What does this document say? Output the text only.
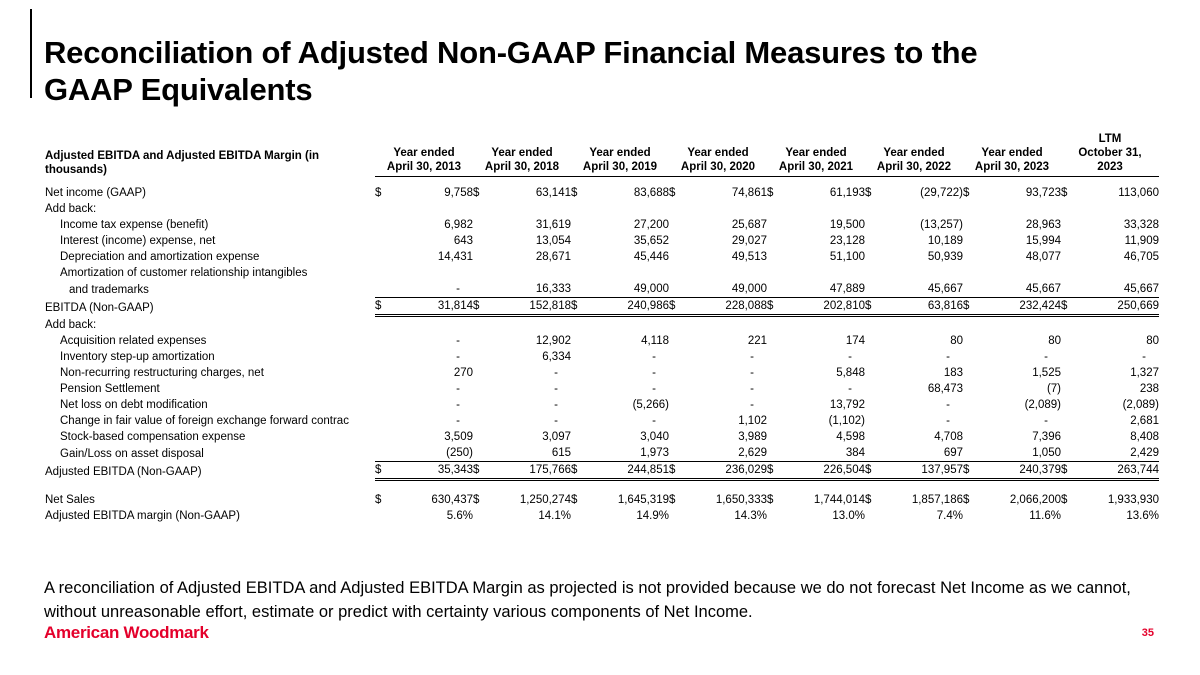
Reconciliation of Adjusted Non-GAAP Financial Measures to the
GAAP Equivalents
Adjusted EBITDA and Adjusted EBITDA Margin (in thousands)	
Year ended
April 30, 2013

Year ended
April 30, 2018

Year ended
April 30, 2019

Year ended
April 30, 2020

Year ended
April 30, 2021

Year ended
April 30, 2022

Year ended
April 30, 2023

LTM
October 31,
2023

Net income (GAAP)	$	9,758	$	63,141	$	83,688	$	74,861	$	61,193	$	(29,722)	$	93,723	$	113,060
Add back:																
Income tax expense (benefit)		6,982		31,619		27,200		25,687		19,500		(13,257)		28,963		33,328
Interest (income) expense, net		643		13,054		35,652		29,027		23,128		10,189		15,994		11,909
Depreciation and amortization expense		14,431		28,671		45,446		49,513		51,100		50,939		48,077		46,705
Amortization of customer relationship intangibles																
and trademarks		-		16,333		49,000		49,000		47,889		45,667		45,667		45,667
EBITDA (Non-GAAP)	$	31,814	$	152,818	$	240,986	$	228,088	$	202,810	$	63,816	$	232,424	$	250,669
Add back:																
Acquisition related expenses		-		12,902		4,118		221		174		80		80		80
Inventory step-up amortization		-		6,334		-		-		-		-		-		-
Non-recurring restructuring charges, net		270		-		-		-		5,848		183		1,525		1,327
Pension Settlement		-		-		-		-		-		68,473		(7)		238
Net loss on debt modification		-		-		(5,266)		-		13,792		-		(2,089)		(2,089)
Change in fair value of foreign exchange forward contrac		-		-		-		1,102		(1,102)		-		-		2,681
Stock-based compensation expense		3,509		3,097		3,040		3,989		4,598		4,708		7,396		8,408
Gain/Loss on asset disposal		(250)		615		1,973		2,629		384		697		1,050		2,429
Adjusted EBITDA (Non-GAAP)	$	35,343	$	175,766	$	244,851	$	236,029	$	226,504	$	137,957	$	240,379	$	263,744

Net Sales	$	630,437	$	1,250,274	$	1,645,319	$	1,650,333	$	1,744,014	$	1,857,186	$	2,066,200	$	1,933,930
Adjusted EBITDA margin (Non-GAAP)		5.6%		14.1%		14.9%		14.3%		13.0%		7.4%		11.6%		13.6%

A reconciliation of Adjusted EBITDA and Adjusted EBITDA Margin as projected is not provided because we do not forecast Net Income as we cannot, without unreasonable effort, estimate or predict with certainty various components of Net Income.

American Woodmark	35
